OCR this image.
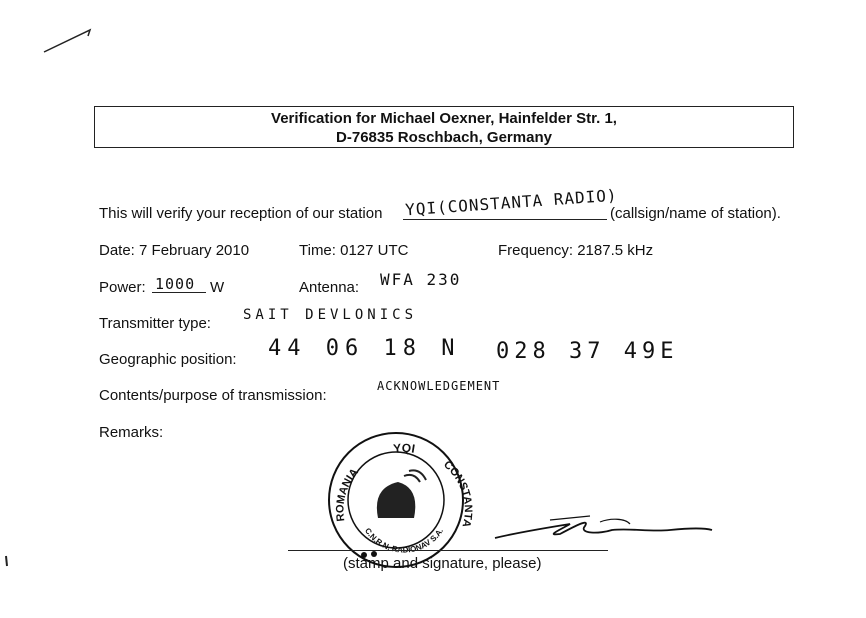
Verification for Michael Oexner, Hainfelder Str. 1,
D-76835 Roschbach, Germany
This will verify your reception of our station YQI(CONSTANTA RADIO)
(callsign/name of station).
Date: 7 February 2010	Time: 0127 UTC	Frequency: 2187.5 kHz
Power: 1000 W	Antenna: WFA 230
Transmitter type: SAIT DEVLONICS
Geographic position: 44 06 18 N 028 37 49E
Contents/purpose of transmission:
ACKNOWLEDGEMENT
Remarks:
YQI
ROMANIA
CONSTANTA
C.N.R.N. RADIONAV S.A.
(stamp and signature, please)
